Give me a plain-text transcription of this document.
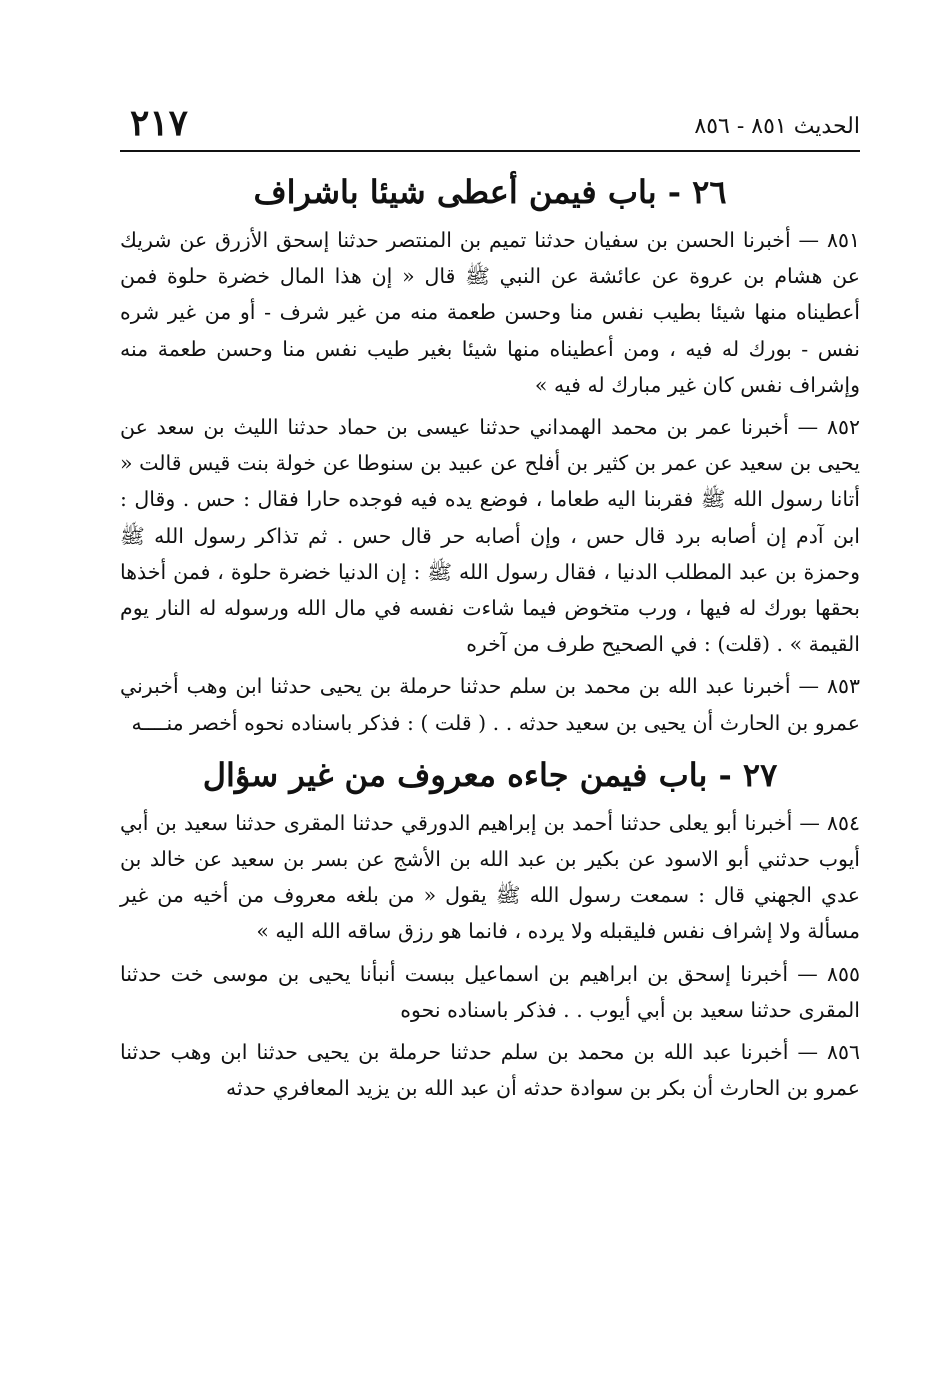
الحديث ٨٥١ - ٨٥٦
٢١٧
٢٦ - باب فيمن أعطى شيئا باشراف

٨٥١ — أخبرنا الحسن بن سفيان حدثنا تميم بن المنتصر حدثنا إسحق الأزرق عن شريك عن هشام بن عروة عن عائشة عن النبي ﷺ قال « إن هذا المال خضرة حلوة فمن أعطيناه منها شيئا بطيب نفس منا وحسن طعمة منه من غير شرف - أو من غير شره نفس - بورك له فيه ، ومن أعطيناه منها شيئا بغير طيب نفس منا وحسن طعمة منه وإشراف نفس كان غير مبارك له فيه »

٨٥٢ — أخبرنا عمر بن محمد الهمداني حدثنا عيسى بن حماد حدثنا الليث بن سعد عن يحيى بن سعيد عن عمر بن كثير بن أفلح عن عبيد بن سنوطا عن خولة بنت قيس قالت « أتانا رسول الله ﷺ فقربنا اليه طعاما ، فوضع يده فيه فوجده حارا فقال : حس . وقال : ابن آدم إن أصابه برد قال حس ، وإن أصابه حر قال حس . ثم تذاكر رسول الله ﷺ وحمزة بن عبد المطلب الدنيا ، فقال رسول الله ﷺ : إن الدنيا خضرة حلوة ، فمن أخذها بحقها بورك له فيها ، ورب متخوض فيما شاءت نفسه في مال الله ورسوله له النار يوم القيمة » . (قلت) : في الصحيح طرف من آخره

٨٥٣ — أخبرنا عبد الله بن محمد بن سلم حدثنا حرملة بن يحيى حدثنا ابن وهب أخبرني عمرو بن الحارث أن يحيى بن سعيد حدثه . . ( قلت ) : فذكر باسناده نحوه أخصر منــــه

٢٧ - باب فيمن جاءه معروف من غير سؤال

٨٥٤ — أخبرنا أبو يعلى حدثنا أحمد بن إبراهيم الدورقي حدثنا المقرى حدثنا سعيد بن أبي أيوب حدثني أبو الاسود عن بكير بن عبد الله بن الأشج عن بسر بن سعيد عن خالد بن عدي الجهني قال : سمعت رسول الله ﷺ يقول « من بلغه معروف من أخيه من غير مسألة ولا إشراف نفس فليقبله ولا يرده ، فانما هو رزق ساقه الله اليه »

٨٥٥ — أخبرنا إسحق بن ابراهيم بن اسماعيل ببست أنبأنا يحيى بن موسى خت حدثنا المقرى حدثنا سعيد بن أبي أيوب . . فذكر باسناده نحوه

٨٥٦ — أخبرنا عبد الله بن محمد بن سلم حدثنا حرملة بن يحيى حدثنا ابن وهب حدثنا عمرو بن الحارث أن بكر بن سوادة حدثه أن عبد الله بن يزيد المعافري حدثه
